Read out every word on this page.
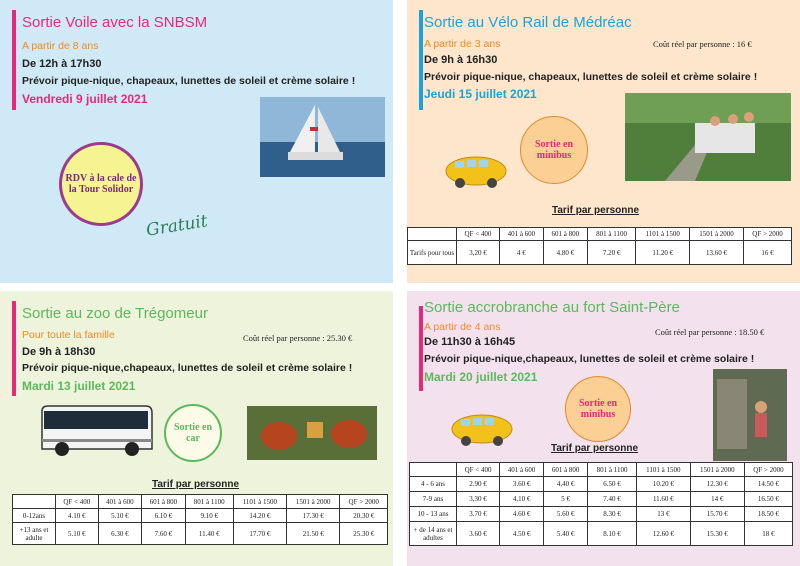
Sortie Voile avec la SNBSM
A partir de 8 ans
De 12h à 17h30
Prévoir pique-nique, chapeaux, lunettes de soleil et crème solaire !
Vendredi 9 juillet 2021
RDV à la cale de la Tour Solidor
Gratuit
Sortie au Vélo Rail de Médréac
A partir de 3 ans	Coût réel par personne : 16 €
De 9h à 16h30
Prévoir pique-nique, chapeaux, lunettes de soleil et crème solaire !
Jeudi 15 juillet 2021
Sortie en minibus
Tarif par personne
	QF < 400	401 à 600	601 à 800	801 à 1100	1101 à 1500	1501 à 2000	QF > 2000
Tarifs pour tous	3,20 €	4 €	4.80 €	7.20 €	11.20 €	13.60 €	16 €
Sortie au zoo de Trégomeur
Pour toute la famille	Coût réel par personne : 25.30 €
De 9h à 18h30
Prévoir pique-nique,chapeaux, lunettes de soleil et crème solaire !
Mardi 13 juillet 2021
Sortie en car
Tarif par personne
	QF < 400	401 à 600	601 à 800	801 à 1100	1101 à 1500	1501 à 2000	QF > 2000
0-12ans	4.10 €	5.10 €	6.10 €	9.10 €	14.20 €	17.30 €	20.30 €
+13 ans et adulte	5.10 €	6.30 €	7.60 €	11.40 €	17.70 €	21.50 €	25.30 €
Sortie accrobranche au fort Saint-Père
A partir de 4 ans	Coût réel par personne : 18.50 €
De 11h30 à 16h45
Prévoir pique-nique,chapeaux, lunettes de soleil et crème solaire !
Mardi 20 juillet 2021
Sortie en minibus
Tarif par personne
	QF < 400	401 à 600	601 à 800	801 à 1100	1101 à 1500	1501 à 2000	QF > 2000
4 - 6 ans	2.90 €	3.60 €	4,40 €	6.50 €	10.20 €	12.30 €	14.50 €
7-9 ans	3,30 €	4,10 €	5 €	7.40 €	11.60 €	14 €	16.50 €
10 - 13 ans	3.70 €	4.60 €	5.60 €	8.30 €	13 €	15.70 €	18.50 €
+ de 14 ans et adultes	3.60 €	4.50 €	5.40 €	8.10 €	12.60 €	15.30 €	18 €
